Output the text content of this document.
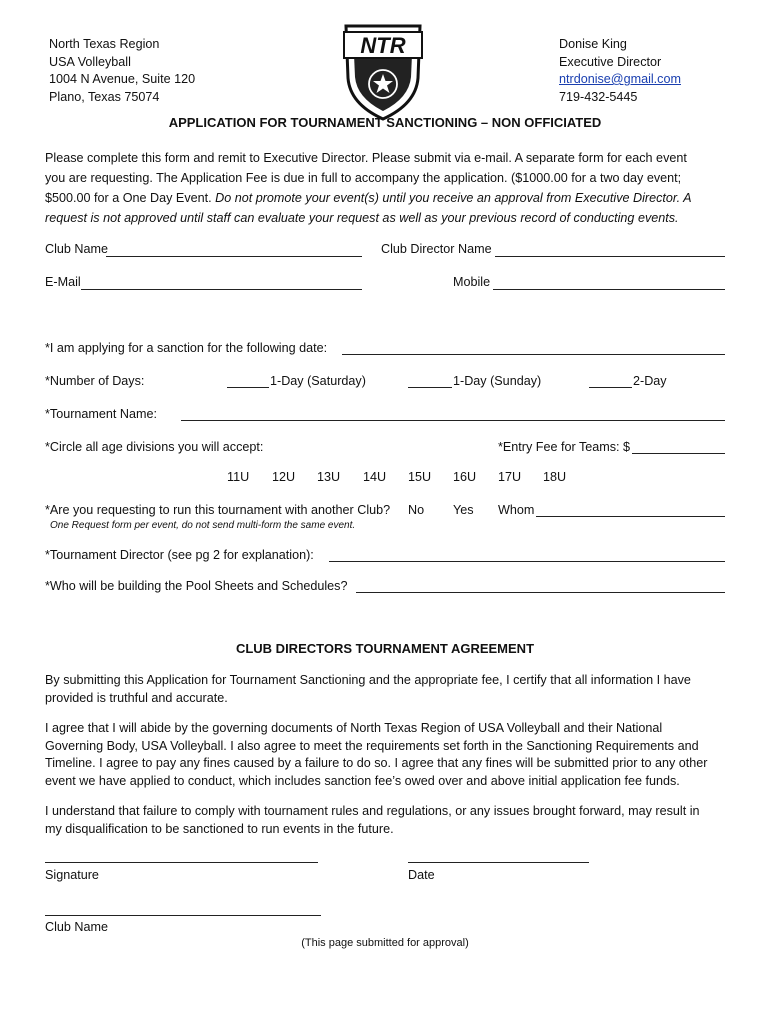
North Texas Region
USA Volleyball
1004 N Avenue, Suite 120
Plano, Texas 75074
NTR	Donise King
Executive Director
ntrdonise@gmail.com
719-432-5445
APPLICATION FOR TOURNAMENT SANCTIONING – NON OFFICIATED
Please complete this form and remit to Executive Director. Please submit via e-mail. A separate form for each event
you are requesting. The Application Fee is due in full to accompany the application. ($1000.00 for a two day event;
$500.00 for a One Day Event. Do not promote your event(s) until you receive an approval from Executive Director. A
request is not approved until staff can evaluate your request as well as your previous record of conducting events.
Club Name	Club Director Name
E-Mail	Mobile
*I am applying for a sanction for the following date:
*Number of Days:	1-Day (Saturday)	1-Day (Sunday)	2-Day
*Tournament Name:
*Circle all age divisions you will accept:	*Entry Fee for Teams: $
11U 12U 13U 14U 15U 16U 17U 18U
*Are you requesting to run this tournament with another Club? No Yes Whom
One Request form per event, do not send multi-form the same event.
*Tournament Director (see pg 2 for explanation):
*Who will be building the Pool Sheets and Schedules?
CLUB DIRECTORS TOURNAMENT AGREEMENT
By submitting this Application for Tournament Sanctioning and the appropriate fee, I certify that all information I have
provided is truthful and accurate.
I agree that I will abide by the governing documents of North Texas Region of USA Volleyball and their National
Governing Body, USA Volleyball. I also agree to meet the requirements set forth in the Sanctioning Requirements and
Timeline. I agree to pay any fines caused by a failure to do so. I agree that any fines will be submitted prior to any other
event we have applied to conduct, which includes sanction fee’s owed over and above initial application fee funds.
I understand that failure to comply with tournament rules and regulations, or any issues brought forward, may result in
my disqualification to be sanctioned to run events in the future.
Signature	Date
Club Name
(This page submitted for approval)
